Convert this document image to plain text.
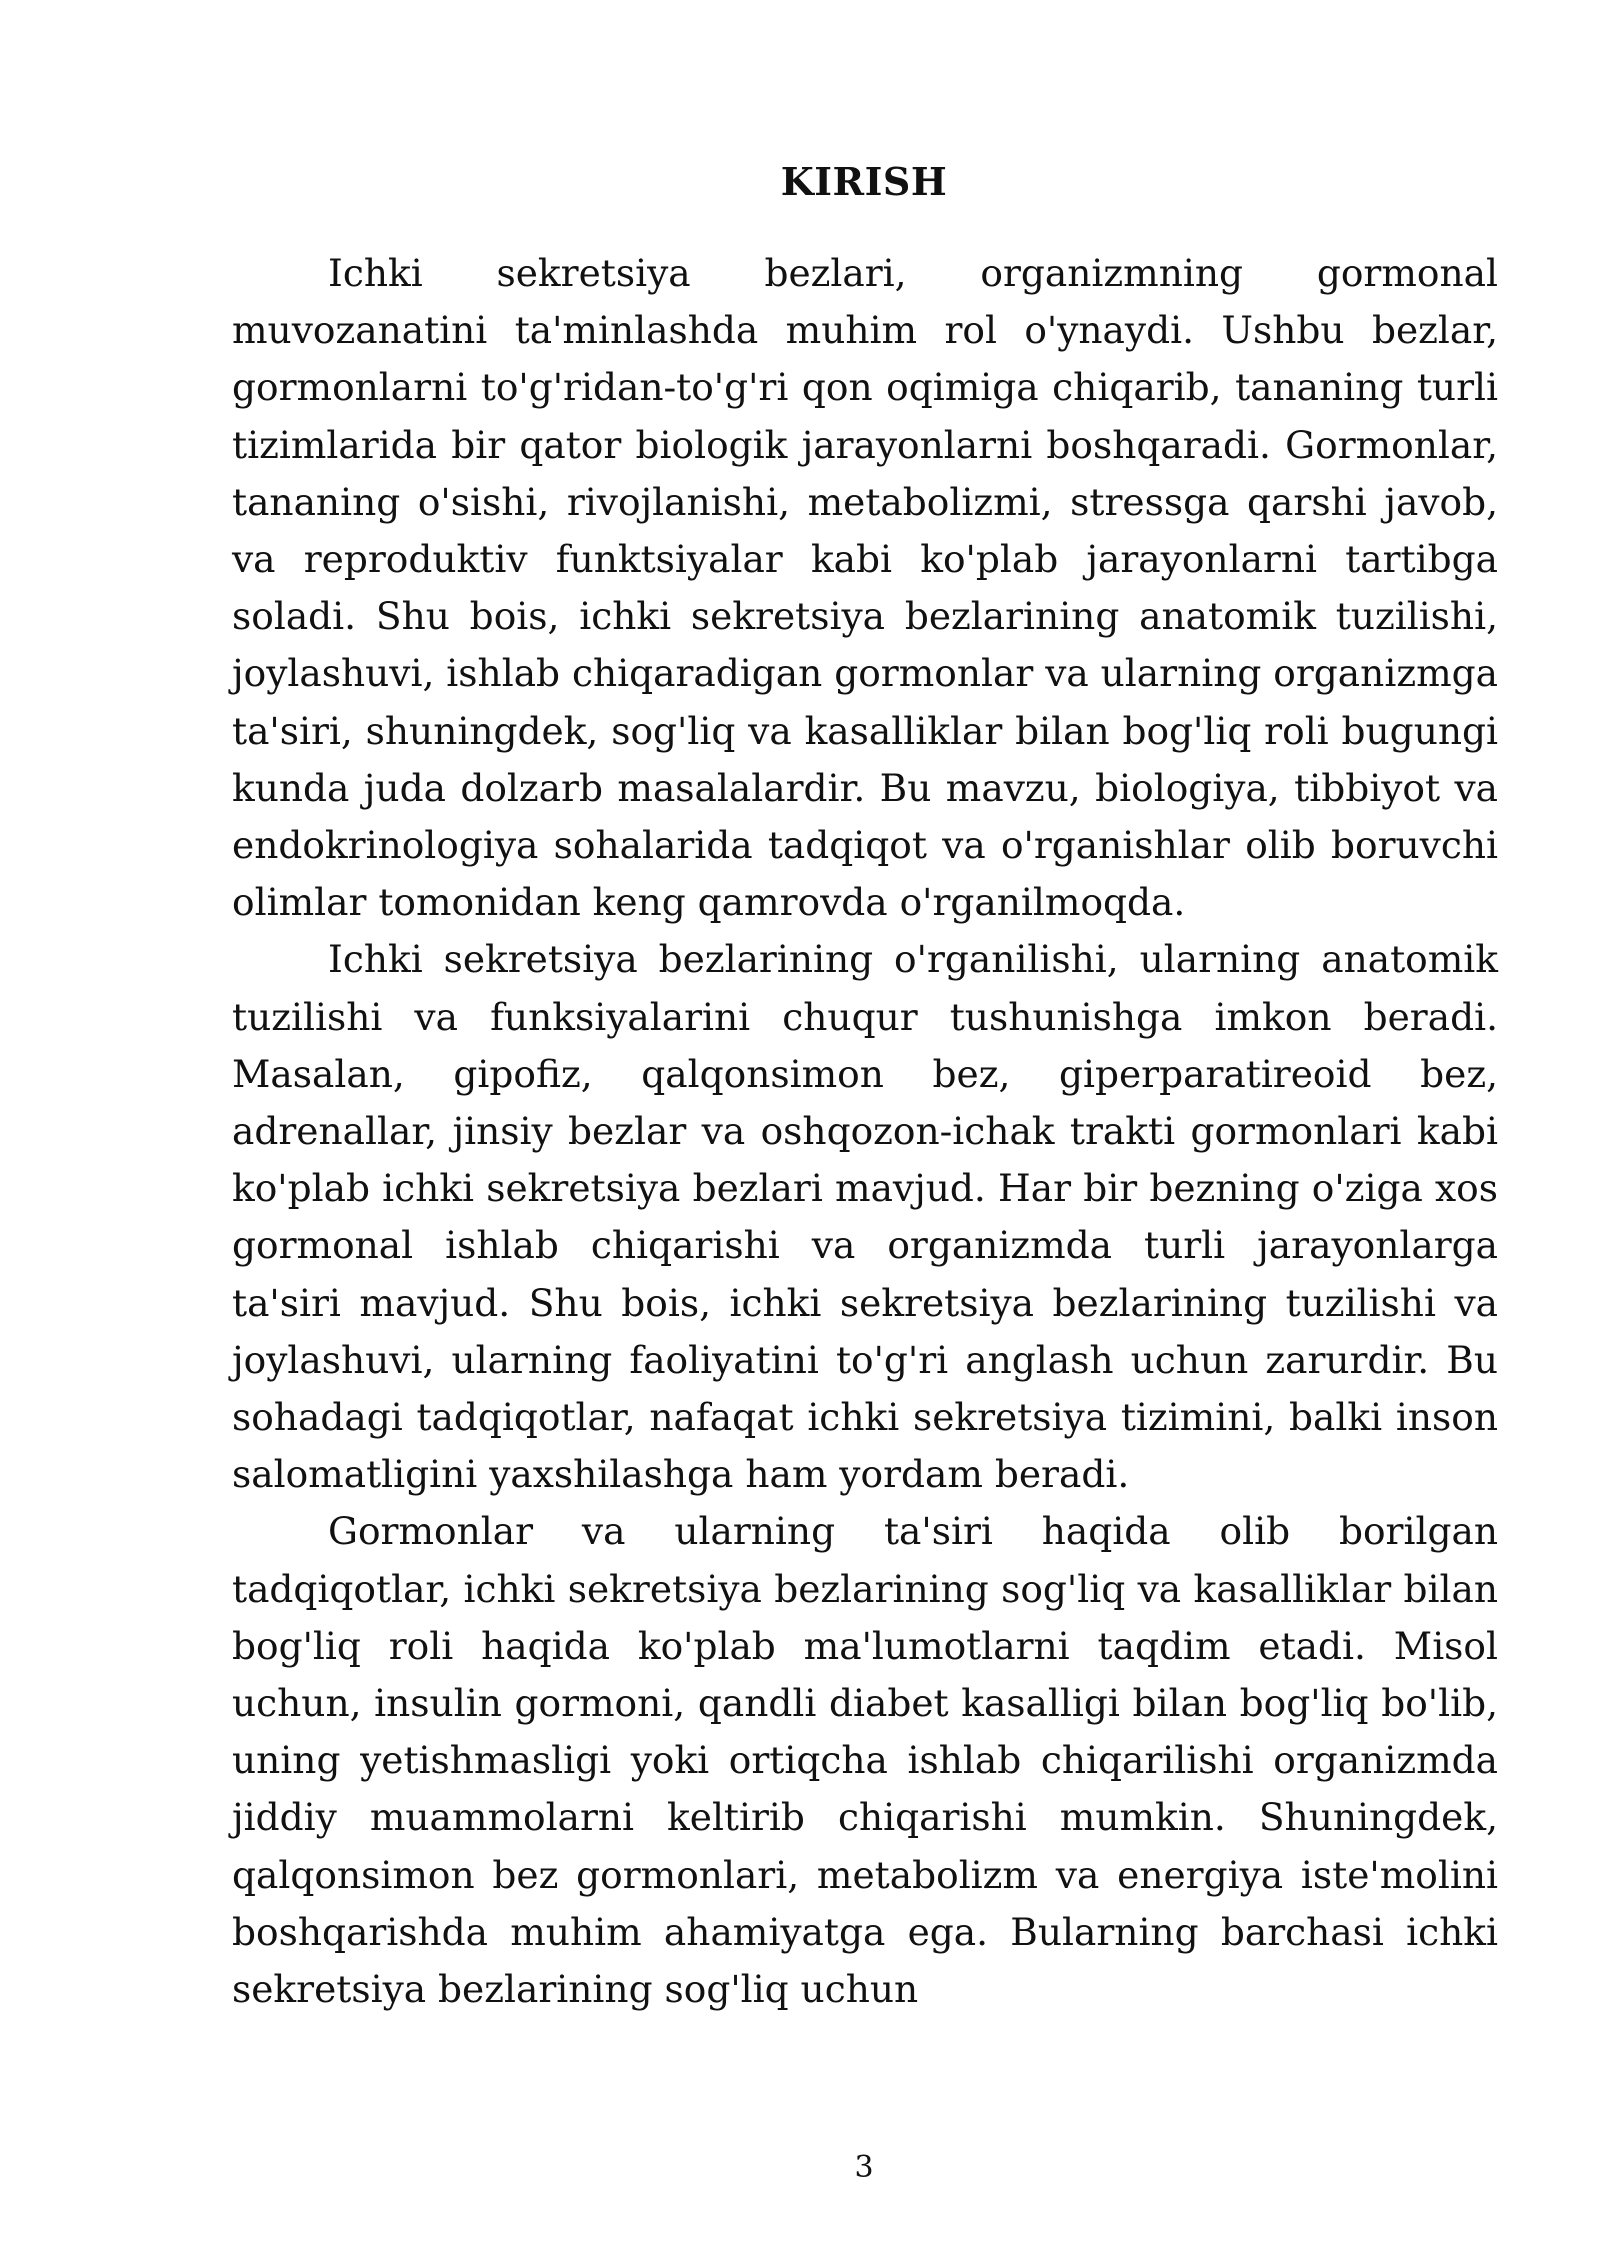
KIRISH

Ichki sekretsiya bezlari, organizmning gormonal muvozanatini ta'minlashda muhim rol o'ynaydi. Ushbu bezlar, gormonlarni to'g'ridan-to'g'ri qon oqimiga chiqarib, tananing turli tizimlarida bir qator biologik jarayonlarni boshqaradi. Gormonlar, tananing o'sishi, rivojlanishi, metabolizmi, stressga qarshi javob, va reproduktiv funktsiyalar kabi ko'plab jarayonlarni tartibga soladi. Shu bois, ichki sekretsiya bezlarining anatomik tuzilishi, joylashuvi, ishlab chiqaradigan gormonlar va ularning organizmga ta'siri, shuningdek, sog'liq va kasalliklar bilan bog'liq roli bugungi kunda juda dolzarb masalalardir. Bu mavzu, biologiya, tibbiyot va endokrinologiya sohalarida tadqiqot va o'rganishlar olib boruvchi olimlar tomonidan keng qamrovda o'rganilmoqda.

Ichki sekretsiya bezlarining o'rganilishi, ularning anatomik tuzilishi va funksiyalarini chuqur tushunishga imkon beradi. Masalan, gipofiz, qalqonsimon bez, giperparatireoid bez, adrenallar, jinsiy bezlar va oshqozon-ichak trakti gormonlari kabi ko'plab ichki sekretsiya bezlari mavjud. Har bir bezning o'ziga xos gormonal ishlab chiqarishi va organizmda turli jarayonlarga ta'siri mavjud. Shu bois, ichki sekretsiya bezlarining tuzilishi va joylashuvi, ularning faoliyatini to'g'ri anglash uchun zarurdir. Bu sohadagi tadqiqotlar, nafaqat ichki sekretsiya tizimini, balki inson salomatligini yaxshilashga ham yordam beradi.

Gormonlar va ularning ta'siri haqida olib borilgan tadqiqotlar, ichki sekretsiya bezlarining sog'liq va kasalliklar bilan bog'liq roli haqida ko'plab ma'lumotlarni taqdim etadi. Misol uchun, insulin gormoni, qandli diabet kasalligi bilan bog'liq bo'lib, uning yetishmasligi yoki ortiqcha ishlab chiqarilishi organizmda jiddiy muammolarni keltirib chiqarishi mumkin. Shuningdek, qalqonsimon bez gormonlari, metabolizm va energiya iste'molini boshqarishda muhim ahamiyatga ega. Bularning barchasi ichki sekretsiya bezlarining sog'liq uchun

3
